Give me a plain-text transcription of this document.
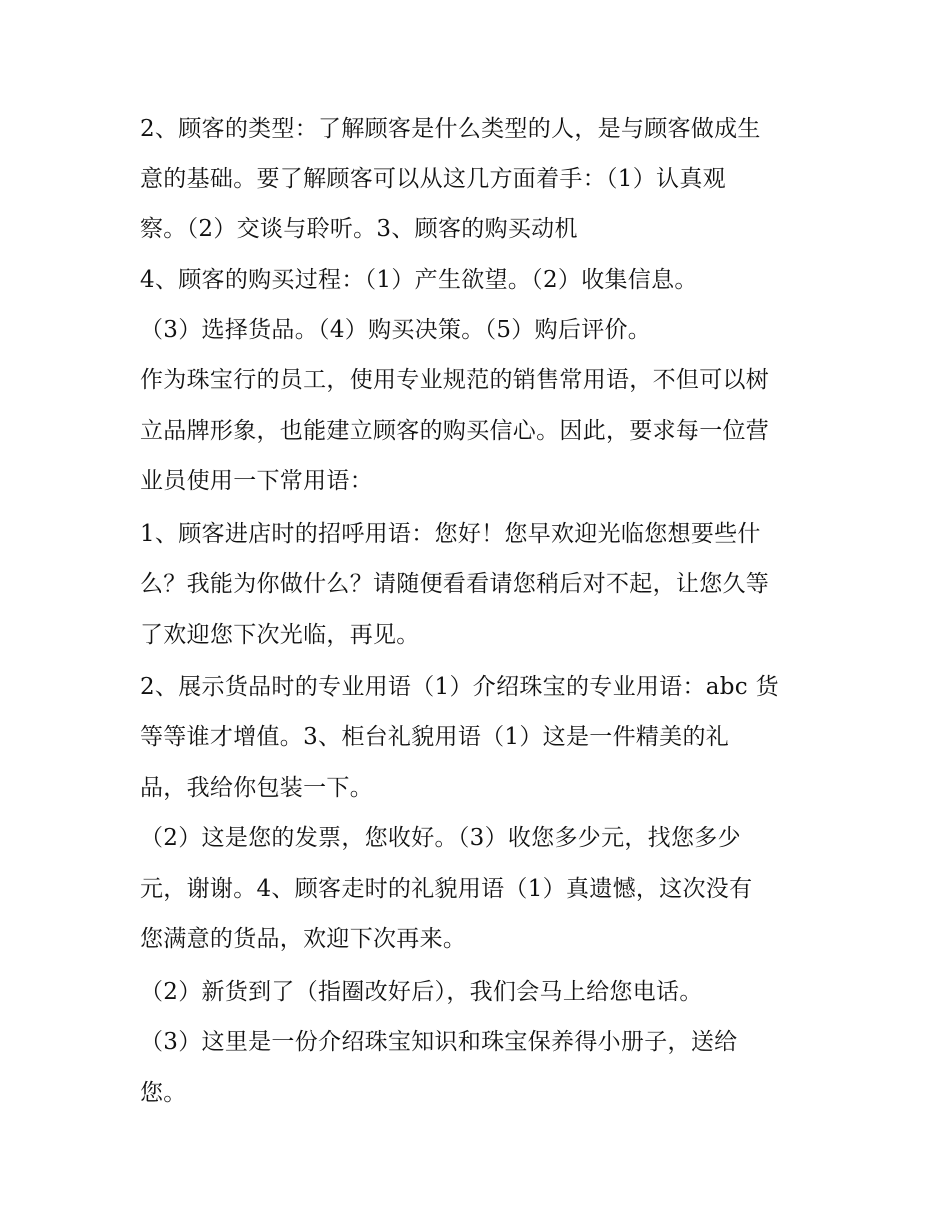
2、顾客的类型：了解顾客是什么类型的人，是与顾客做成生
意的基础。要了解顾客可以从这几方面着手：（1）认真观
察。（2）交谈与聆听。3、顾客的购买动机
4、顾客的购买过程：（1）产生欲望。（2）收集信息。
（3）选择货品。（4）购买决策。（5）购后评价。
作为珠宝行的员工，使用专业规范的销售常用语，不但可以树
立品牌形象，也能建立顾客的购买信心。因此，要求每一位营
业员使用一下常用语：
1、顾客进店时的招呼用语：您好！您早欢迎光临您想要些什
么？我能为你做什么？请随便看看请您稍后对不起，让您久等
了欢迎您下次光临，再见。
2、展示货品时的专业用语（1）介绍珠宝的专业用语：abc 货
等等谁才增值。3、柜台礼貌用语（1）这是一件精美的礼
品，我给你包装一下。
（2）这是您的发票，您收好。（3）收您多少元，找您多少
元，谢谢。4、顾客走时的礼貌用语（1）真遗憾，这次没有
您满意的货品，欢迎下次再来。
（2）新货到了（指圈改好后），我们会马上给您电话。
（3）这里是一份介绍珠宝知识和珠宝保养得小册子，送给
您。
